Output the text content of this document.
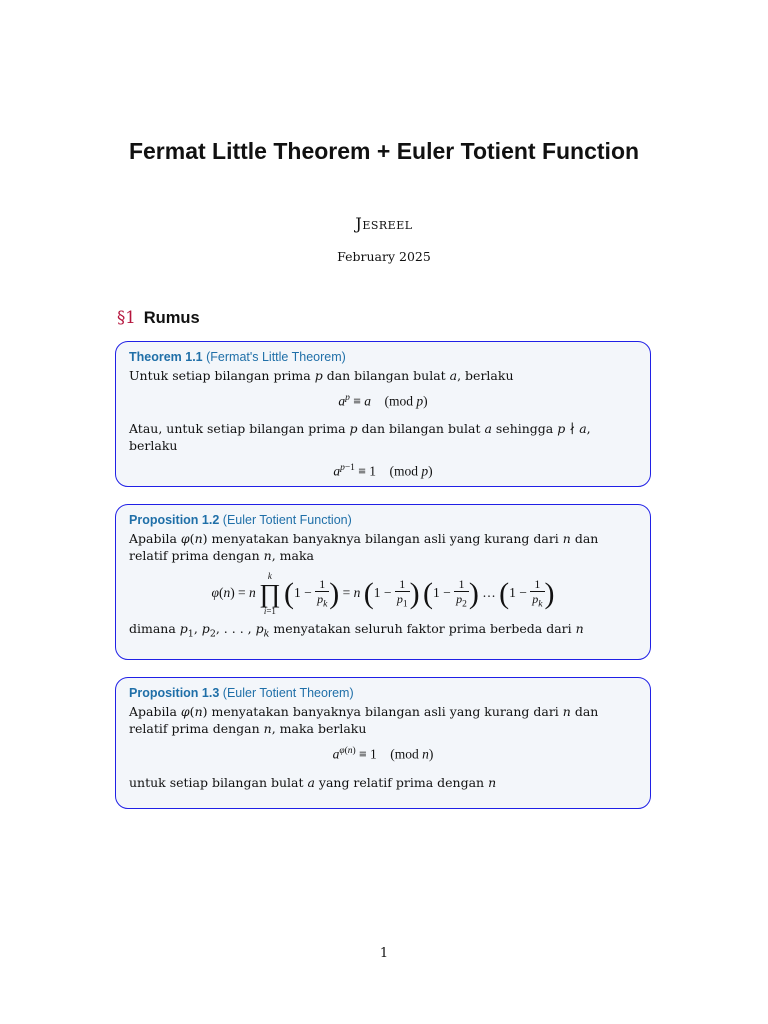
Fermat Little Theorem + Euler Totient Function
Jesreel
February 2025
§1 Rumus
Theorem 1.1 (Fermat's Little Theorem)

Untuk setiap bilangan prima p dan bilangan bulat a, berlaku

$a^p \equiv a$    (mod p)

Atau, untuk setiap bilangan prima p dan bilangan bulat a sehingga p ∤ a, berlaku

$a^{p-1} \equiv 1$    (mod p)
Proposition 1.2 (Euler Totient Function)

Apabila φ(n) menyatakan banyaknya bilangan asli yang kurang dari n dan relatif prima dengan n, maka

φ(n) = n
k
∏
i=1
($1 - \frac{1}{p_k}$ ) = n ($1 - \frac{1}{p_1}$ ) ($1 - \frac{1}{p_2}$ ) … ($1 - \frac{1}{p_k}$ )

dimana $p_1$, $p_2$, . . . , $p_k$ menyatakan seluruh faktor prima berbeda dari n

Proposition 1.3 (Euler Totient Theorem)

Apabila φ(n) menyatakan banyaknya bilangan asli yang kurang dari n dan relatif prima dengan n, maka berlaku

$a^{\varphi(n)} \equiv 1$    (mod n)

untuk setiap bilangan bulat a yang relatif prima dengan n

1
